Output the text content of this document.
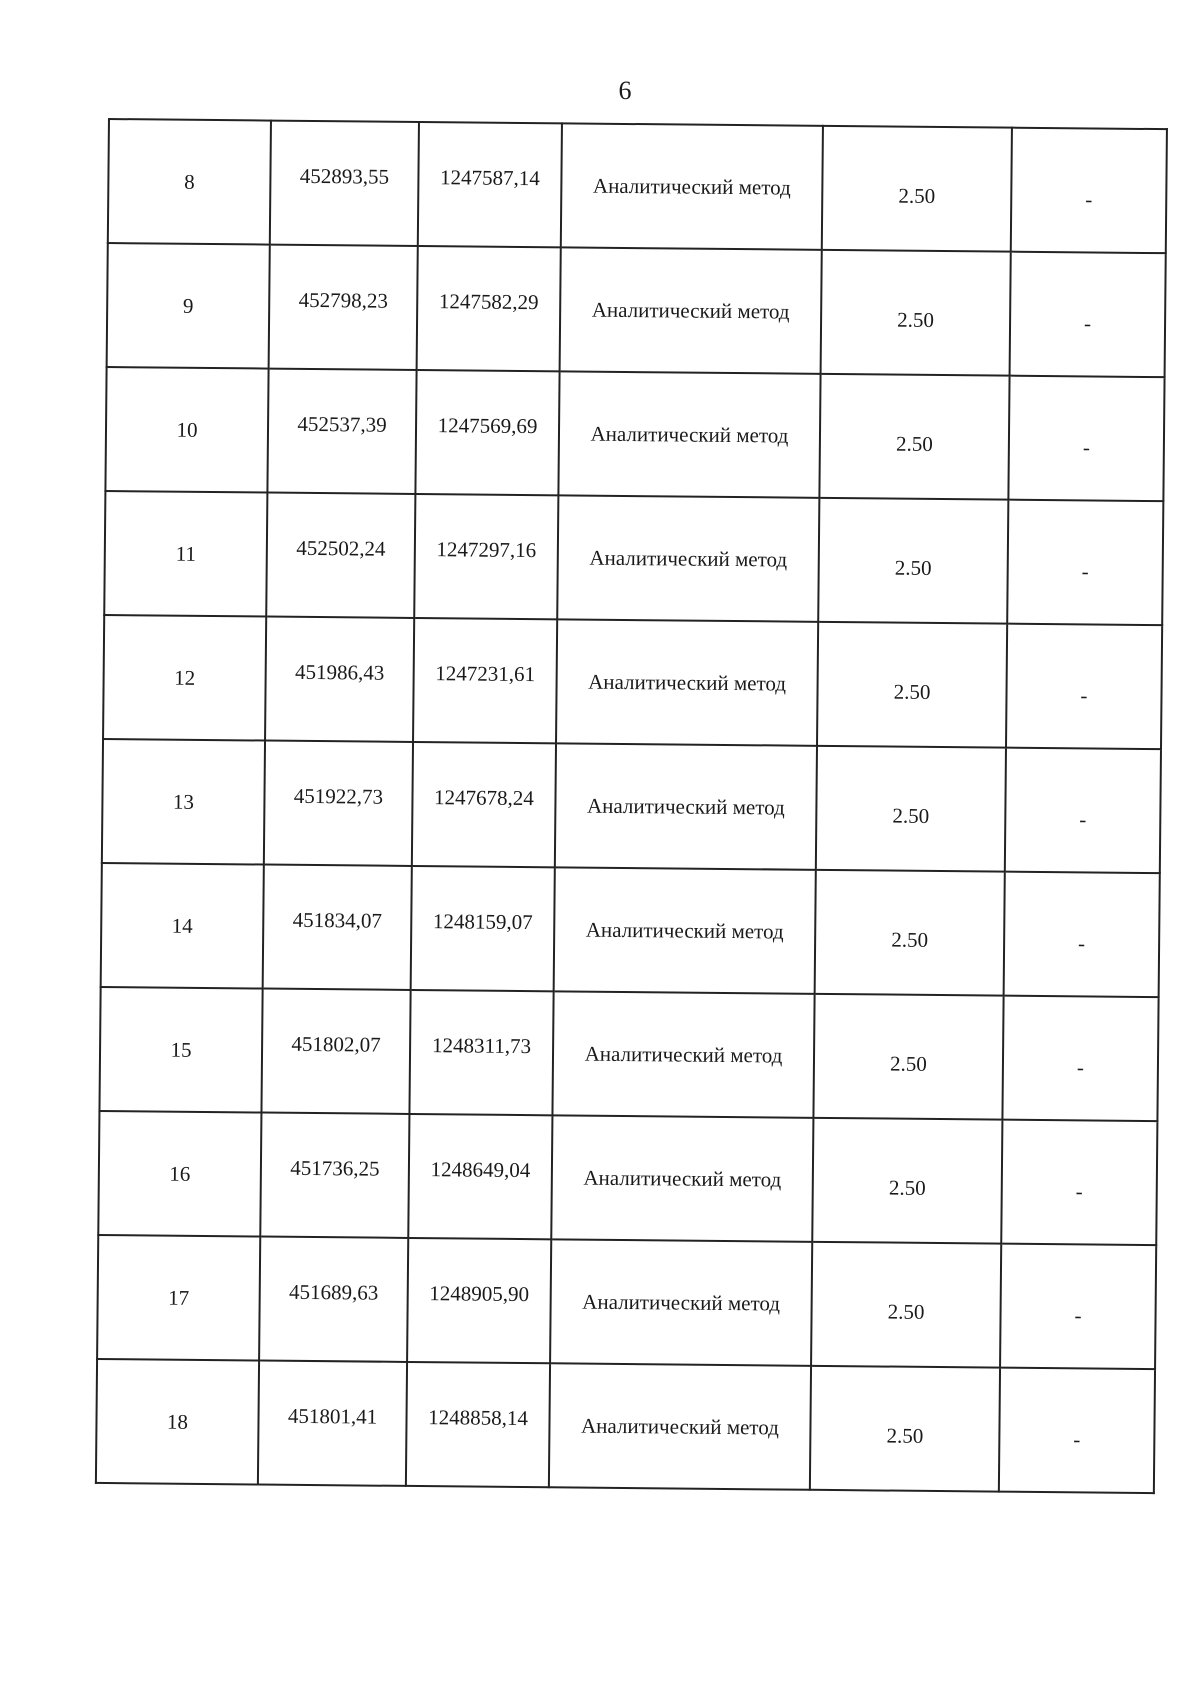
6
8	452893,55	1247587,14	Аналитический метод	2.50	-
9	452798,23	1247582,29	Аналитический метод	2.50	-
10	452537,39	1247569,69	Аналитический метод	2.50	-
11	452502,24	1247297,16	Аналитический метод	2.50	-
12	451986,43	1247231,61	Аналитический метод	2.50	-
13	451922,73	1247678,24	Аналитический метод	2.50	-
14	451834,07	1248159,07	Аналитический метод	2.50	-
15	451802,07	1248311,73	Аналитический метод	2.50	-
16	451736,25	1248649,04	Аналитический метод	2.50	-
17	451689,63	1248905,90	Аналитический метод	2.50	-
18	451801,41	1248858,14	Аналитический метод	2.50	-
